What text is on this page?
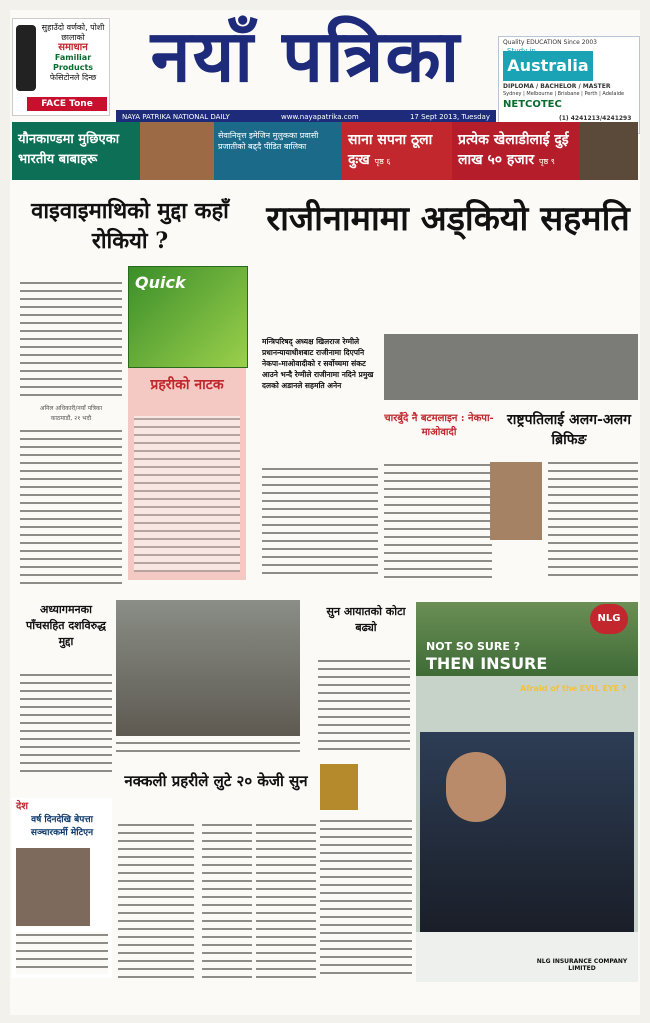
सुहाउँदो वर्णको, पोशी छालाको
समाधान
Familiar Products
फेसिटोनले दिन्छ
FACE Tone
नयाँ पत्रिका
NAYA PATRIKA NATIONAL DAILY	www.nayapatrika.com	17 Sept 2013, Tuesday
Quality EDUCATION Since 2003
Australia
DIPLOMA / BACHELOR / MASTER
Sydney | Melbourne | Brisbane | Perth | Adelaide
NETCOTEC
(1) 4241213/4241293
यौनकाण्डमा मुछिएका भारतीय बाबाहरू
सेवानिवृत्त इमेजिन मुलुकका प्रवासी प्रजातीको बढ्दै पीडित बालिका	साना सपना ठूला दुःख पृष्ठ ६
प्रत्येक खेलाडीलाई दुई लाख ५० हजार पृष्ठ ९
वाइवाइमाथिको मुद्दा कहाँ रोकियो ?
अनिल अधिकारी/नयाँ पत्रिका
काठमाडौं, २१ भदौ
Quick
प्रहरीको नाटक
राजीनामामा अड्कियो सहमति
मन्त्रिपरिषद् अध्यक्ष खिलराज रेग्मीले प्रधानन्यायाधीशबाट राजीनामा दिएपनि नेकपा-माओवादीको र सर्वोच्चमा संकट आउने भन्दै रेग्मीले राजीनामा नदिने प्रमुख दलको अडानले सहमति अनेन
चारबुँदे नै बटमलाइन : नेकपा-माओवादी
राष्ट्रपतिलाई अलग-अलग ब्रिफिङ
अध्यागमनका पाँचसहित दशविरुद्ध मुद्दा
सुन आयातको कोटा बढ्यो
नक्कली प्रहरीले लुटे २० केजी सुन
देश
वर्ष दिनदेखि बेपत्ता सञ्चारकर्मी मेटिएन
NLG
NOT SO SURE ?
THEN INSURE
Afraid of the EVIL EYE ?
NLG INSURANCE COMPANY LIMITED
